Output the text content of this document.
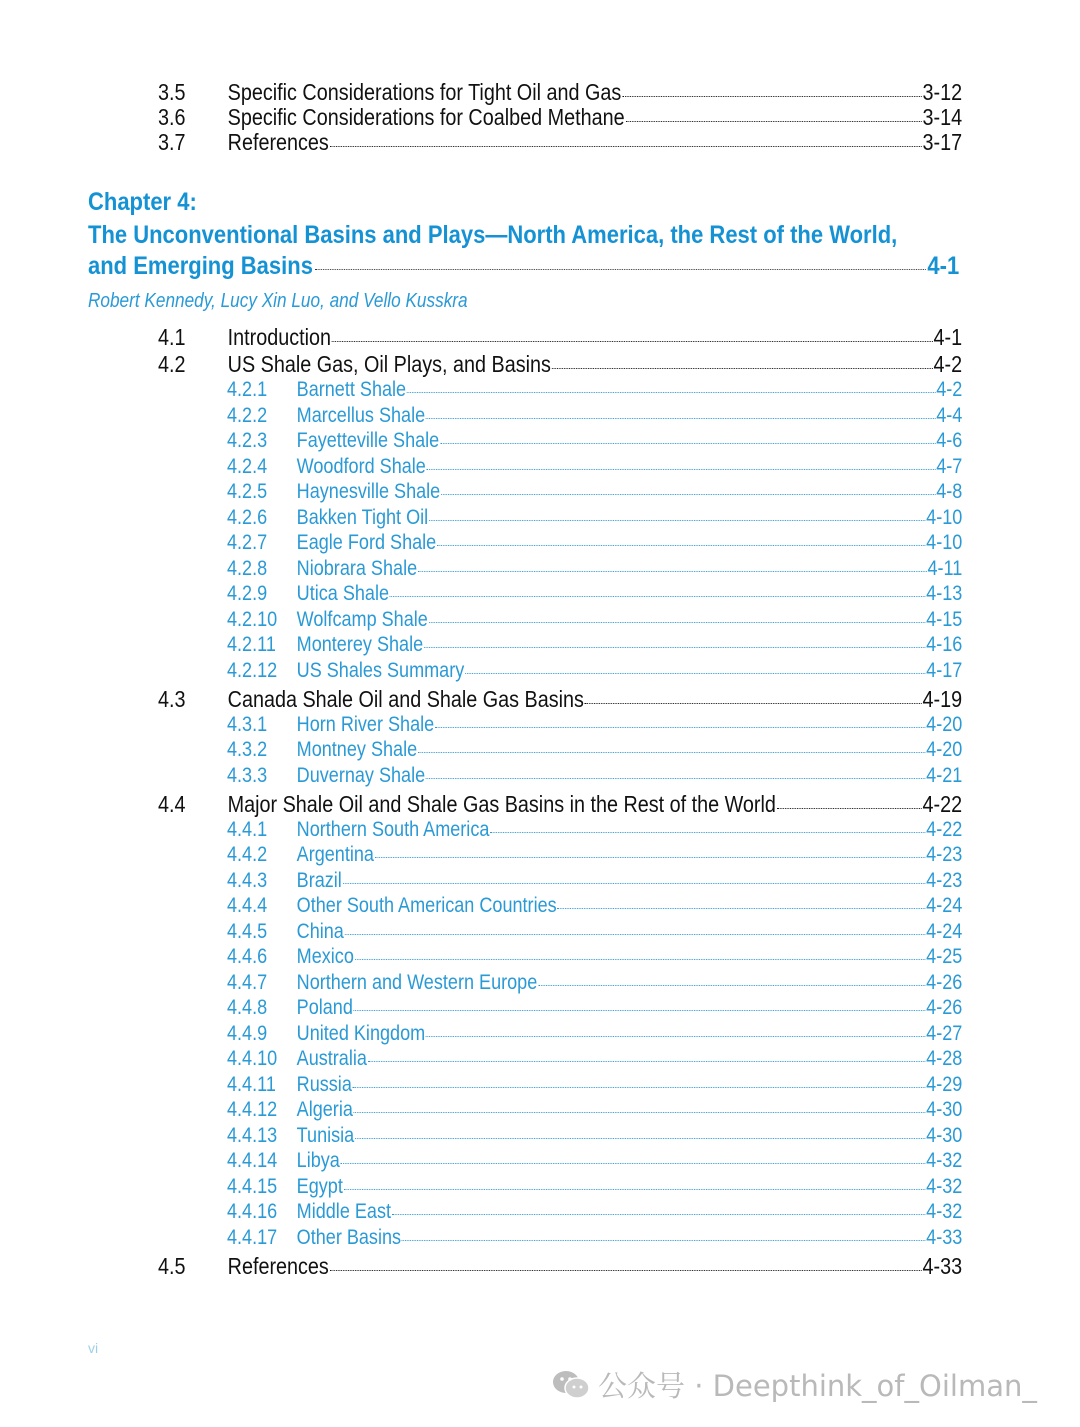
3.5	Specific Considerations for Tight Oil and Gas	3-12
3.6	Specific Considerations for Coalbed Methane	3-14
3.7	References	3-17
Chapter 4:
The Unconventional Basins and Plays—North America, the Rest of the World,
and Emerging Basins	4-1
Robert Kennedy, Lucy Xin Luo, and Vello Kusskra
4.1	Introduction	4-1
4.2	US Shale Gas, Oil Plays, and Basins	4-2
4.2.1	Barnett Shale	4-2
4.2.2	Marcellus Shale	4-4
4.2.3	Fayetteville Shale	4-6
4.2.4	Woodford Shale	4-7
4.2.5	Haynesville Shale	4-8
4.2.6	Bakken Tight Oil	4-10
4.2.7	Eagle Ford Shale	4-10
4.2.8	Niobrara Shale	4-11
4.2.9	Utica Shale	4-13
4.2.10 Wolfcamp Shale	4-15
4.2.11 Monterey Shale	4-16
4.2.12 US Shales Summary	4-17
4.3	Canada Shale Oil and Shale Gas Basins	4-19
4.3.1	Horn River Shale	4-20
4.3.2	Montney Shale	4-20
4.3.3	Duvernay Shale	4-21
4.4	Major Shale Oil and Shale Gas Basins in the Rest of the World	4-22
4.4.1	Northern South America	4-22
4.4.2	Argentina	4-23
4.4.3	Brazil	4-23
4.4.4	Other South American Countries	4-24
4.4.5	China	4-24
4.4.6	Mexico	4-25
4.4.7	Northern and Western Europe	4-26
4.4.8	Poland	4-26
4.4.9	United Kingdom	4-27
4.4.10 Australia	4-28
4.4.11 Russia	4-29
4.4.12 Algeria	4-30
4.4.13 Tunisia	4-30
4.4.14 Libya	4-32
4.4.15 Egypt	4-32
4.4.16 Middle East	4-32
4.4.17 Other Basins	4-33
4.5	References	4-33
vi
公众号 · Deepthink_of_Oilman_
